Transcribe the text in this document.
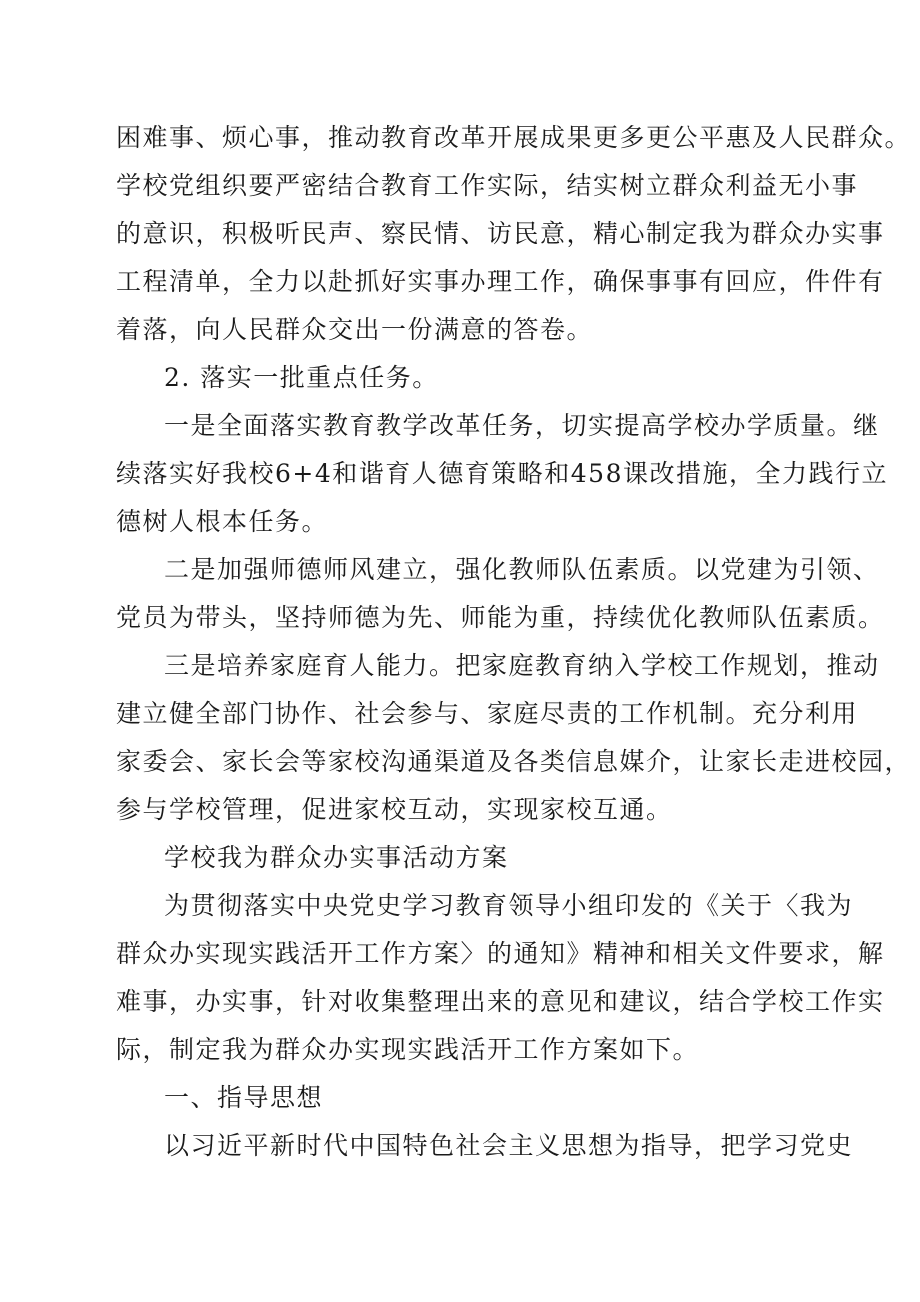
困难事、烦心事，推动教育改革开展成果更多更公平惠及人民群众。
学校党组织要严密结合教育工作实际，结实树立群众利益无小事
的意识，积极听民声、察民情、访民意，精心制定我为群众办实事
工程清单，全力以赴抓好实事办理工作，确保事事有回应，件件有
着落，向人民群众交出一份满意的答卷。
2. 落实一批重点任务。
一是全面落实教育教学改革任务，切实提高学校办学质量。继
续落实好我校6+4和谐育人德育策略和458课改措施，全力践行立
德树人根本任务。
二是加强师德师风建立，强化教师队伍素质。以党建为引领、
党员为带头，坚持师德为先、师能为重，持续优化教师队伍素质。
三是培养家庭育人能力。把家庭教育纳入学校工作规划，推动
建立健全部门协作、社会参与、家庭尽责的工作机制。充分利用
家委会、家长会等家校沟通渠道及各类信息媒介，让家长走进校园，
参与学校管理，促进家校互动，实现家校互通。
学校我为群众办实事活动方案
为贯彻落实中央党史学习教育领导小组印发的《关于〈我为
群众办实现实践活开工作方案〉的通知》精神和相关文件要求，解
难事，办实事，针对收集整理出来的意见和建议，结合学校工作实
际，制定我为群众办实现实践活开工作方案如下。
一、指导思想
以习近平新时代中国特色社会主义思想为指导，把学习党史
